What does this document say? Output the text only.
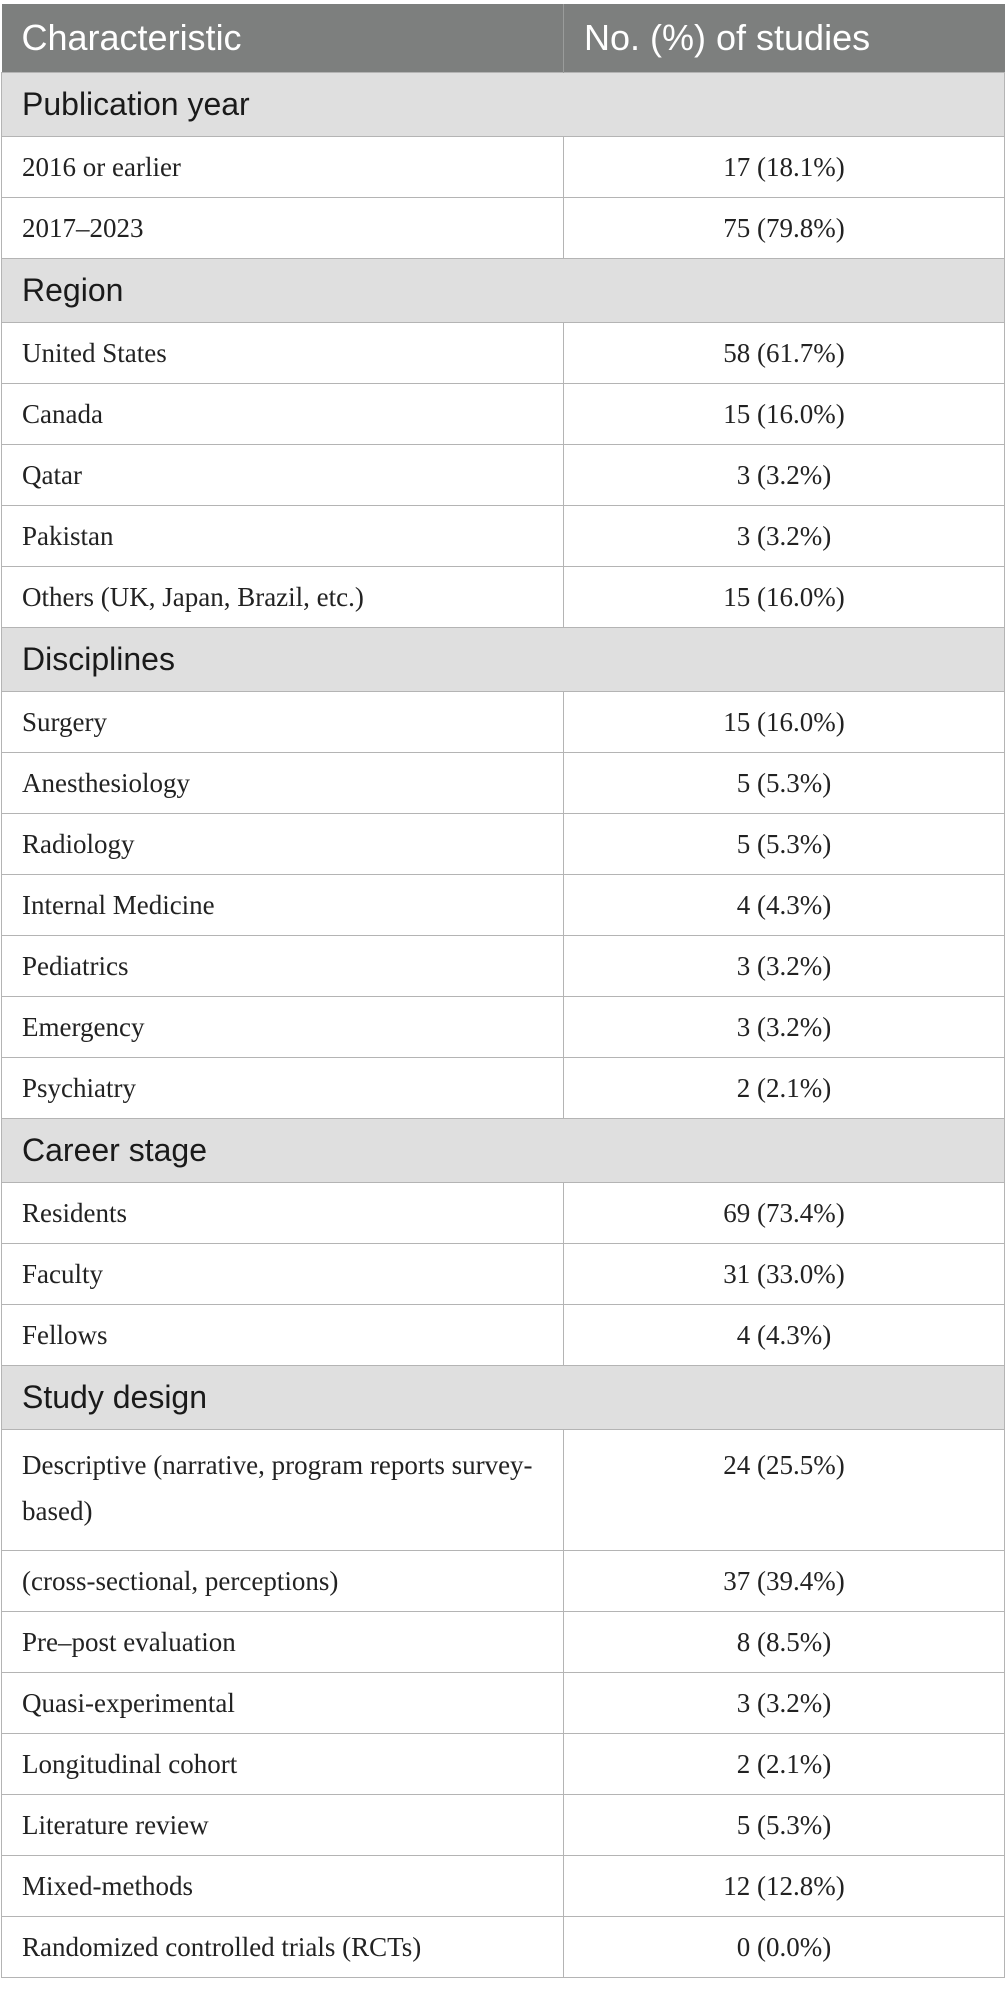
Characteristic	No. (%) of studies
Publication year	
2016 or earlier	17 (18.1%)
2017–2023	75 (79.8%)
Region	
United States	58 (61.7%)
Canada	15 (16.0%)
Qatar	3 (3.2%)
Pakistan	3 (3.2%)
Others (UK, Japan, Brazil, etc.)	15 (16.0%)
Disciplines	
Surgery	15 (16.0%)
Anesthesiology	5 (5.3%)
Radiology	5 (5.3%)
Internal Medicine	4 (4.3%)
Pediatrics	3 (3.2%)
Emergency	3 (3.2%)
Psychiatry	2 (2.1%)
Career stage	
Residents	69 (73.4%)
Faculty	31 (33.0%)
Fellows	4 (4.3%)
Study design	
Descriptive (narrative, program reports survey-based)	24 (25.5%)
(cross-sectional, perceptions)	37 (39.4%)
Pre–post evaluation	8 (8.5%)
Quasi-experimental	3 (3.2%)
Longitudinal cohort	2 (2.1%)
Literature review	5 (5.3%)
Mixed-methods	12 (12.8%)
Randomized controlled trials (RCTs)	0 (0.0%)
